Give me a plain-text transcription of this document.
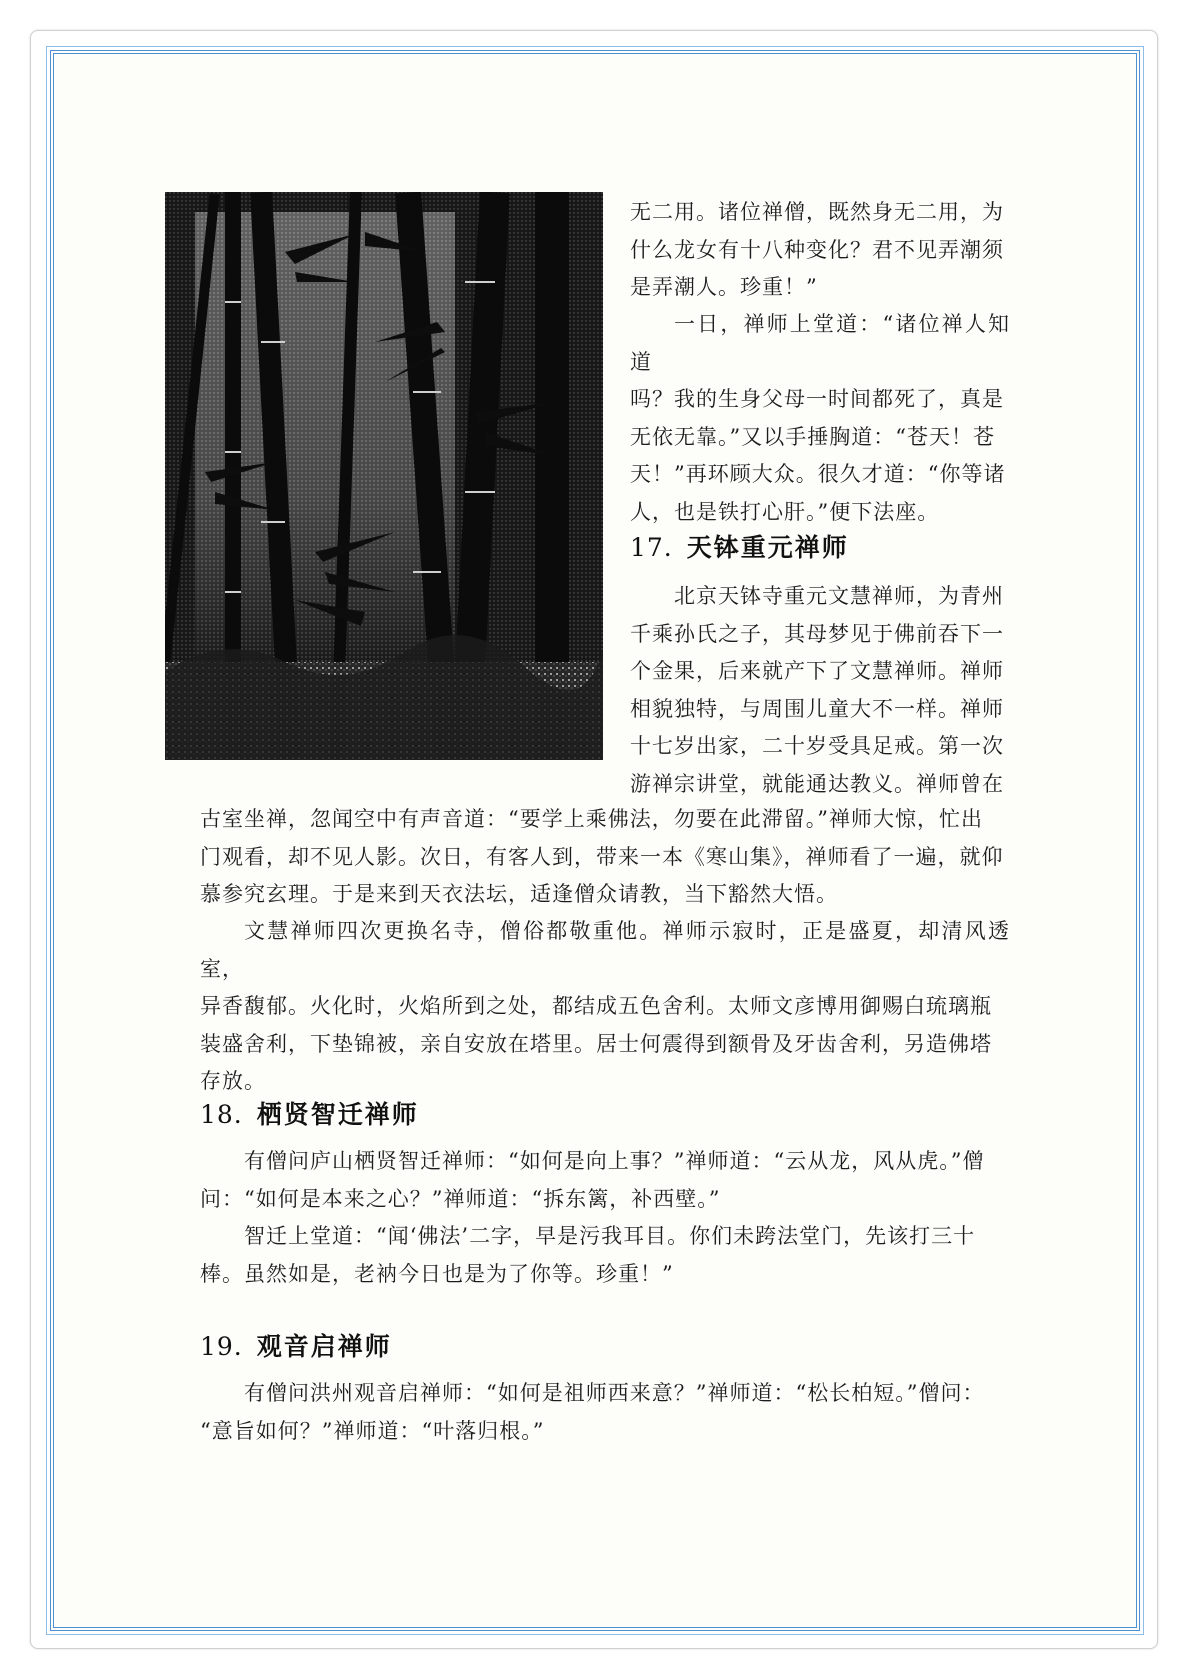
无二用。诸位禅僧，既然身无二用，为
什么龙女有十八种变化？君不见弄潮须
是弄潮人。珍重！”
一日，禅师上堂道：“诸位禅人知道
吗？我的生身父母一时间都死了，真是
无依无靠。”又以手捶胸道：“苍天！苍
天！”再环顾大众。很久才道：“你等诸
人，也是铁打心肝。”便下法座。
17. 天钵重元禅师
北京天钵寺重元文慧禅师，为青州
千乘孙氏之子，其母梦见于佛前吞下一
个金果，后来就产下了文慧禅师。禅师
相貌独特，与周围儿童大不一样。禅师
十七岁出家，二十岁受具足戒。第一次
游禅宗讲堂，就能通达教义。禅师曾在
古室坐禅，忽闻空中有声音道：“要学上乘佛法，勿要在此滞留。”禅师大惊，忙出
门观看，却不见人影。次日，有客人到，带来一本《寒山集》，禅师看了一遍，就仰
慕参究玄理。于是来到天衣法坛，适逢僧众请教，当下豁然大悟。
文慧禅师四次更换名寺，僧俗都敬重他。禅师示寂时，正是盛夏，却清风透室，
异香馥郁。火化时，火焰所到之处，都结成五色舍利。太师文彦博用御赐白琉璃瓶
装盛舍利，下垫锦被，亲自安放在塔里。居士何震得到额骨及牙齿舍利，另造佛塔
存放。
18. 栖贤智迁禅师
有僧问庐山栖贤智迁禅师：“如何是向上事？”禅师道：“云从龙，风从虎。”僧
问：“如何是本来之心？”禅师道：“拆东篱，补西壁。”
智迁上堂道：“闻‘佛法’二字，早是污我耳目。你们未跨法堂门，先该打三十
棒。虽然如是，老衲今日也是为了你等。珍重！”
19. 观音启禅师
有僧问洪州观音启禅师：“如何是祖师西来意？”禅师道：“松长柏短。”僧问：
“意旨如何？”禅师道：“叶落归根。”
